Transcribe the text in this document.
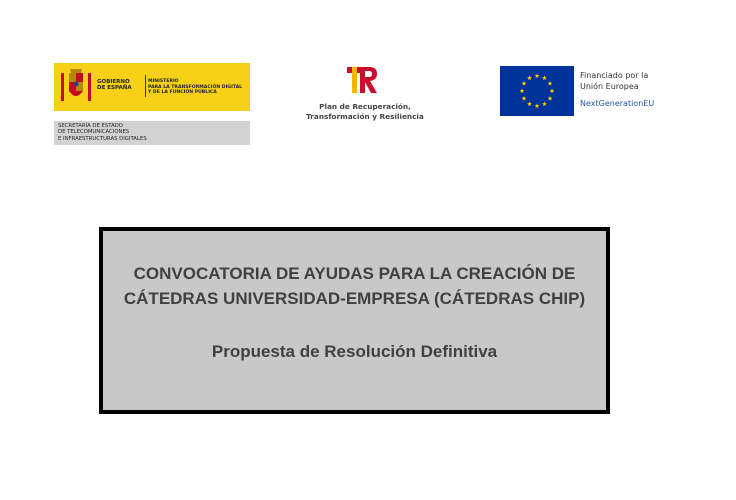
GOBIERNO
DE ESPAÑA
MINISTERIO
PARA LA TRANSFORMACIÓN DIGITAL
Y DE LA FUNCIÓN PÚBLICA
SECRETARÍA DE ESTADO
DE TELECOMUNICACIONES
E INFRAESTRUCTURAS DIGITALES
Plan de Recuperación,
Transformación y Resiliencia
Financiado por la
Unión Europea
NextGenerationEU
CONVOCATORIA DE AYUDAS PARA LA CREACIÓN DE
CÁTEDRAS UNIVERSIDAD-EMPRESA (CÁTEDRAS CHIP)
Propuesta de Resolución Definitiva
